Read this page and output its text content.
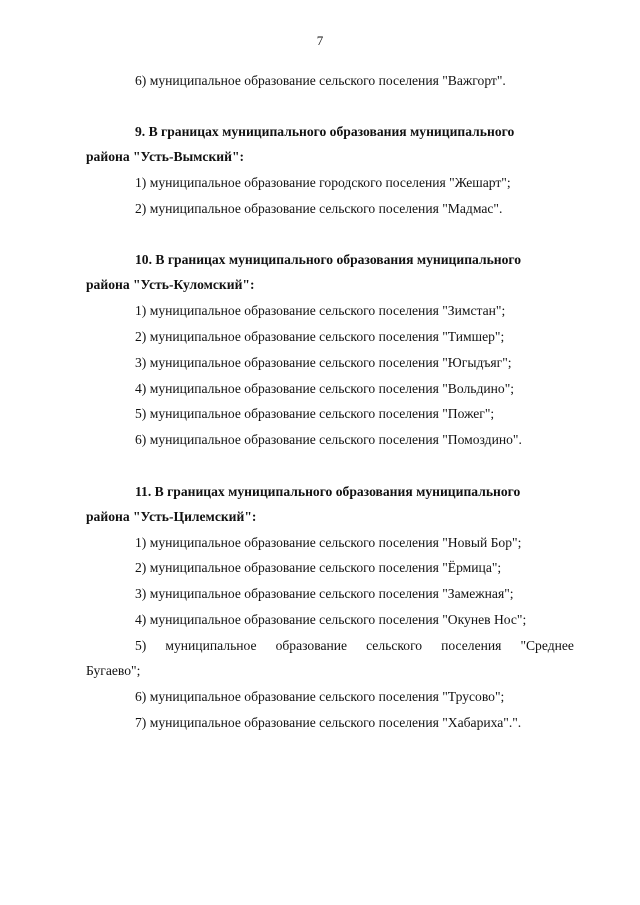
7
6) муниципальное образование сельского поселения "Важгорт".
9. В границах муниципального образования муниципального
района "Усть-Вымский":
1) муниципальное образование городского поселения "Жешарт";
2) муниципальное образование сельского поселения "Мадмас".
10. В границах муниципального образования муниципального
района "Усть-Куломский":
1) муниципальное образование сельского поселения "Зимстан";
2) муниципальное образование сельского поселения "Тимшер";
3) муниципальное образование сельского поселения "Югыдъяг";
4) муниципальное образование сельского поселения "Вольдино";
5) муниципальное образование сельского поселения "Пожег";
6) муниципальное образование сельского поселения "Помоздино".
11. В границах муниципального образования муниципального
района "Усть-Цилемский":
1) муниципальное образование сельского поселения "Новый Бор";
2) муниципальное образование сельского поселения "Ёрмица";
3) муниципальное образование сельского поселения "Замежная";
4) муниципальное образование сельского поселения "Окунев Нос";
5) муниципальное образование сельского поселения "Среднее
Бугаево";
6) муниципальное образование сельского поселения "Трусово";
7) муниципальное образование сельского поселения "Хабариха".".
